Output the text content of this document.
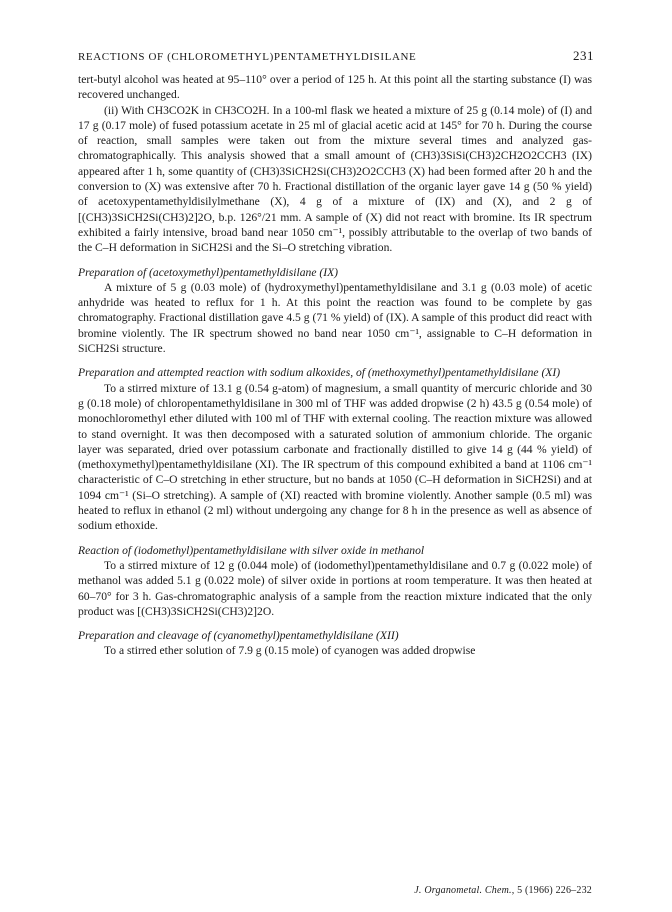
REACTIONS OF (CHLOROMETHYL)PENTAMETHYLDISILANE	231

tert-butyl alcohol was heated at 95–110° over a period of 125 h. At this point all the starting substance (I) was recovered unchanged.

(ii) With CH3CO2K in CH3CO2H. In a 100-ml flask we heated a mixture of 25 g (0.14 mole) of (I) and 17 g (0.17 mole) of fused potassium acetate in 25 ml of glacial acetic acid at 145° for 70 h. During the course of reaction, small samples were taken out from the mixture several times and analyzed gas-chromatographically. This analysis showed that a small amount of (CH3)3SiSi(CH3)2CH2O2CCH3 (IX) appeared after 1 h, some quantity of (CH3)3SiCH2Si(CH3)2O2CCH3 (X) had been formed after 20 h and the conversion to (X) was extensive after 70 h. Fractional distillation of the organic layer gave 14 g (50 % yield) of acetoxypentamethyldisilylmethane (X), 4 g of a mixture of (IX) and (X), and 2 g of [(CH3)3SiCH2Si(CH3)2]2O, b.p. 126°/21 mm. A sample of (X) did not react with bromine. Its IR spectrum exhibited a fairly intensive, broad band near 1050 cm⁻¹, possibly attributable to the overlap of two bands of the C–H deformation in SiCH2Si and the Si–O stretching vibration.

Preparation of (acetoxymethyl)pentamethyldisilane (IX)

A mixture of 5 g (0.03 mole) of (hydroxymethyl)pentamethyldisilane and 3.1 g (0.03 mole) of acetic anhydride was heated to reflux for 1 h. At this point the reaction was found to be complete by gas chromatography. Fractional distillation gave 4.5 g (71 % yield) of (IX). A sample of this product did react with bromine violently. The IR spectrum showed no band near 1050 cm⁻¹, assignable to C–H deformation in SiCH2Si structure.

Preparation and attempted reaction with sodium alkoxides, of (methoxymethyl)pentamethyldisilane (XI)

To a stirred mixture of 13.1 g (0.54 g-atom) of magnesium, a small quantity of mercuric chloride and 30 g (0.18 mole) of chloropentamethyldisilane in 300 ml of THF was added dropwise (2 h) 43.5 g (0.54 mole) of monochloromethyl ether diluted with 100 ml of THF with external cooling. The reaction mixture was allowed to stand overnight. It was then decomposed with a saturated solution of ammonium chloride. The organic layer was separated, dried over potassium carbonate and fractionally distilled to give 14 g (44 % yield) of (methoxymethyl)pentamethyldisilane (XI). The IR spectrum of this compound exhibited a band at 1106 cm⁻¹ characteristic of C–O stretching in ether structure, but no bands at 1050 (C–H deformation in SiCH2Si) and at 1094 cm⁻¹ (Si–O stretching). A sample of (XI) reacted with bromine violently. Another sample (0.5 ml) was heated to reflux in ethanol (2 ml) without undergoing any change for 8 h in the presence as well as absence of sodium ethoxide.

Reaction of (iodomethyl)pentamethyldisilane with silver oxide in methanol

To a stirred mixture of 12 g (0.044 mole) of (iodomethyl)pentamethyldisilane and 0.7 g (0.022 mole) of methanol was added 5.1 g (0.022 mole) of silver oxide in portions at room temperature. It was then heated at 60–70° for 3 h. Gas-chromatographic analysis of a sample from the reaction mixture indicated that the only product was [(CH3)3SiCH2Si(CH3)2]2O.

Preparation and cleavage of (cyanomethyl)pentamethyldisilane (XII)

To a stirred ether solution of 7.9 g (0.15 mole) of cyanogen was added dropwise

J. Organometal. Chem., 5 (1966) 226–232
